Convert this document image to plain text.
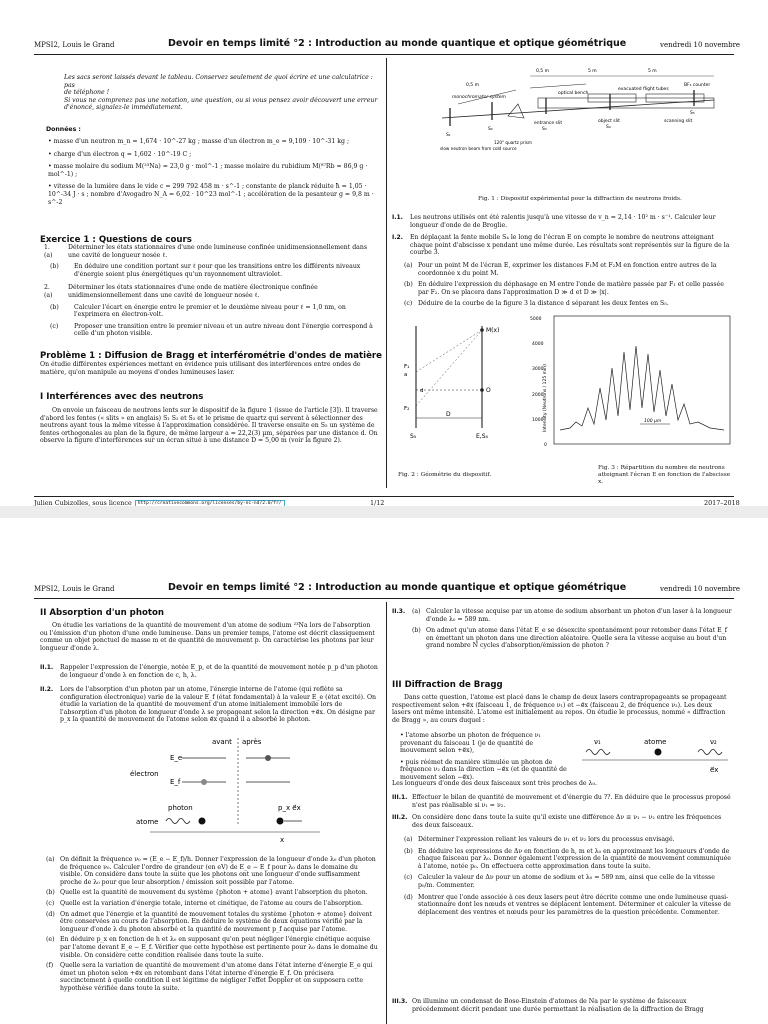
MPSI2, Louis le Grand	Devoir en temps limité °2 : Introduction au monde quantique et optique géométrique	vendredi 10 novembre
Les sacs seront laissés devant le tableau. Conservez seulement de quoi écrire et une calculatrice : pas
de téléphone !
Si vous ne comprenez pas une notation, une question, ou si vous pensez avoir découvert une erreur
d'énoncé, signalez-le immédiatement.
Données :
• masse d'un neutron m_n = 1,674 · 10^-27 kg ; masse d'un électron m_e = 9,109 · 10^-31 kg ;
• charge d'un électron q = 1,602 · 10^-19 C ;
• masse molaire du sodium M(²³Na) = 23,0 g · mol^-1 ; masse molaire du rubidium M(⁸⁷Rb = 86,9 g · mol^-1) ;
• vitesse de la lumière dans le vide c = 299 792 458 m · s^-1 ; constante de planck réduite ħ = 1,05 · 10^-34 J · s ; nombre d'Avogadro N_A = 6,02 · 10^23 mol^-1 ; accélération de la pesanteur g = 9,8 m · s^-2
Exercice 1 : Questions de cours
1. (a)
Déterminer les états stationnaires d'une onde lumineuse confinée unidimensionnellement dans une cavité de longueur nosée ℓ.
(b)	En déduire une condition portant sur ℓ pour que les transitions entre les différents niveaux d'énergie soient plus énergétiques qu'un rayonnement ultraviolet.
2. (a)
Déterminer les états stationnaires d'une onde de matière électronique confinée unidimensionnellement dans une cavité de longueur nosée ℓ.
(b)	Calculer l'écart en énergie entre le premier et le deuxième niveau pour ℓ = 1,0 nm, on l'exprimera en électron-volt.
(c)	Proposer une transition entre le premier niveau et un autre niveau dont l'énergie correspond à celle d'un photon visible.
Problème 1 : Diffusion de Bragg et interférométrie d'ondes de matière
On étudie différentes expériences mettant en évidence puis utilisant des interférences entre ondes de matière, qu'on manipule au moyens d'ondes lumineuses laser.
I Interférences avec des neutrons
On envoie un faisceau de neutrons lents sur le dispositif de la figure 1 (issue de l'article [3]). Il traverse d'abord les fentes (« slits » en anglais) S₁ S₂ et S₃ et le prisme de quartz qui servent à sélectionner des neutrons ayant tous la même vitesse à l'approximation considérée. Il traverse ensuite en S₅ un système de fentes orthogonales au plan de la figure, de même largeur a = 22,2(3) µm, séparées par une distance d. On observe la figure d'interférences sur un écran situé à une distance D = 5,00 m (voir la figure 2).
0,5 m
monochromator system
entrance slit	object slit	scanning slit
optical bench
evacuated flight tubes
BF₃ counter
slow neutron beam from cold source
120° quartz prism
S₁
S₂	S₃	S₄
S₅
5 m	5 m
0,5 m
Fig. 1 : Dispositif expérimental pour la diffraction de neutrons froids.
I.1.	Les neutrons utilisés ont été ralentis jusqu'à une vitesse de v_n = 2,14 · 10² m · s⁻¹. Calculer leur longueur d'onde de de Broglie.
I.2.	En déplaçant la fente mobile S₄ le long de l'écran E on compte le nombre de neutrons atteignant chaque point d'abscisse x pendant une même durée. Les résultats sont représentés sur la figure de la courbe 3.
(a) Pour un point M de l'écran E, exprimer les distances F₁M et F₂M en fonction entre autres de la coordonnée x du point M.
(b) En déduire l'expression du déphasage en M entre l'onde de matière passée par F₁ et celle passée par F₂. On se placera dans l'approximation D ≫ d et D ≫ |x|.
(c) Déduire de la courbe de la figure 3 la distance d séparant les deux fentes en S₅.
M(x)
O
D
S₅	E,S₄
a
d
F₁
F₂
Fig. 2 : Géométrie du dispositif.
5000
4000
3000
2000
1000
0
Intensity (Neutrons / 125 min)	100 µm
Fig. 3 : Répartition du nombre de neutrons atteignant l'écran E en fonction de l'abscisse x.
Julien Cubizolles, sous licence	http://creativecommons.org/licenses/by-nc-nd/2.0/fr/	1/12	2017–2018
MPSI2, Louis le Grand	Devoir en temps limité °2 : Introduction au monde quantique et optique géométrique	vendredi 10 novembre
II Absorption d'un photon
On étudie les variations de la quantité de mouvement d'un atome de sodium ²³Na lors de l'absorption ou l'émission d'un photon d'une onde lumineuse. Dans un premier temps, l'atome est décrit classiquement comme un objet ponctuel de masse m et de quantité de mouvement p. On caractérise les photons par leur longueur d'onde λ.
II.1.	Rappeler l'expression de l'énergie, notée E_p, et de la quantité de mouvement notée p_p d'un photon de longueur d'onde λ en fonction de c, h, λ.
II.2.	Lors de l'absorption d'un photon par un atome, l'énergie interne de l'atome (qui reflète sa configuration électronique) varie de la valeur E_f (état fondamental) à la valeur E_e (état excité). On étudie la variation de la quantité de mouvement d'un atome initialement immobile lors de l'absorption d'un photon de longueur d'onde λ se propageant selon la direction +e⃗x. On désigne par p_x la quantité de mouvement de l'atome selon e⃗x quand il a absorbé le photon.
avant après
E_e
E_f
électron
photon
atome
p_x e⃗x
x
(a) On définit la fréquence ν₀ = (E_e − E_f)/h. Donner l'expression de la longueur d'onde λ₀ d'un photon de fréquence ν₀. Calculer l'ordre de grandeur (en eV) de E_e − E_f pour λ₀ dans le domaine du visible. On considère dans toute la suite que les photons ont une longueur d'onde suffisamment proche de λ₀ pour que leur absorption / émission soit possible par l'atome.
(b) Quelle est la quantité de mouvement du système {photon + atome} avant l'absorption du photon.
(c) Quelle est la variation d'énergie totale, interne et cinétique, de l'atome au cours de l'absorption.
(d) On admet que l'énergie et la quantité de mouvement totales du système {photon + atome} doivent être conservées au cours de l'absorption. En déduire le système de deux équations vérifié par la longueur d'onde λ du photon absorbé et la quantité de mouvement p_f acquise par l'atome.
(e) En déduire p_x en fonction de h et λ₀ en supposant qu'on peut négliger l'énergie cinétique acquise par l'atome devant E_e − E_f. Vérifier que cette hypothèse est pertinente pour λ₀ dans le domaine du visible. On considère cette condition réalisée dans toute la suite.
(f)	Quelle sera la variation de quantité de mouvement d'un atome dans l'état interne d'énergie E_e qui émet un photon selon +e⃗x en retombant dans l'état interne d'énergie E_f. On précisera succinctement à quelle condition il est légitime de négliger l'effet Doppler et on supposera cette hypothèse vérifiée dans toute la suite.
II.3.	(a) Calculer la vitesse acquise par un atome de sodium absorbant un photon d'un laser à la longueur d'onde λ₀ = 589 nm.
(b) On admet qu'un atome dans l'état E_e se désexcite spontanément pour retomber dans l'état E_f en émettant un photon dans une direction aléatoire. Quelle sera la vitesse acquise au bout d'un grand nombre N cycles d'absorption/émission de photon ?
III Diffraction de Bragg
Dans cette question, l'atome est placé dans le champ de deux lasers contrapropageants se propageant respectivement selon +e⃗x (faisceau 1, de fréquence ν₁) et −e⃗x (faisceau 2, de fréquence ν₂). Les deux lasers ont même intensité. L'atome est initialement au repos. On étudie le processus, nommé « diffraction de Bragg », au cours duquel :
• l'atome absorbe un photon de fréquence ν₁ provenant du faisceau 1 (je de quantité de mouvement selon +e⃗x),
• puis réémet de manière stimulée un photon de fréquence ν₂ dans la direction −e⃗x (et de quantité de mouvement selon −e⃗x).
ν₁	atome	ν₂
e⃗x
Les longueurs d'onde des deux faisceaux sont très proches de λ₀.
III.1. Effectuer le bilan de quantité de mouvement et d'énergie du ??. En déduire que le processus proposé n'est pas réalisable si ν₁ = ν₂.
III.2. On considère donc dans toute la suite qu'il existe une différence Δν ≡ ν₁ − ν₂ entre les fréquences des deux faisceaux.
(a) Déterminer l'expression reliant les valeurs de ν₁ et ν₂ lors du processus envisagé.
(b) En déduire les expressions de Δν en fonction de h, m et λ₀ en approximant les longueurs d'onde de chaque faisceau par λ₀. Donner également l'expression de la quantité de mouvement communiquée à l'atome, notée p₀. On effectuera cette approximation dans toute la suite.
(c) Calculer la valeur de Δν pour un atome de sodium et λ₀ = 589 nm, ainsi que celle de la vitesse p₀/m. Commenter.
(d) Montrer que l'onde associée à ces deux lasers peut être décrite comme une onde lumineuse quasi-stationnaire dont les nœuds et ventres se déplacent lentement. Déterminer et calculer la vitesse de déplacement des ventres et nœuds pour les paramètres de la question précédente. Commenter.
III.3. On illumine un condensat de Bose-Einstein d'atomes de Na par le système de faisceaux précédemment décrit pendant une durée permettant la réalisation de la diffraction de Bragg
